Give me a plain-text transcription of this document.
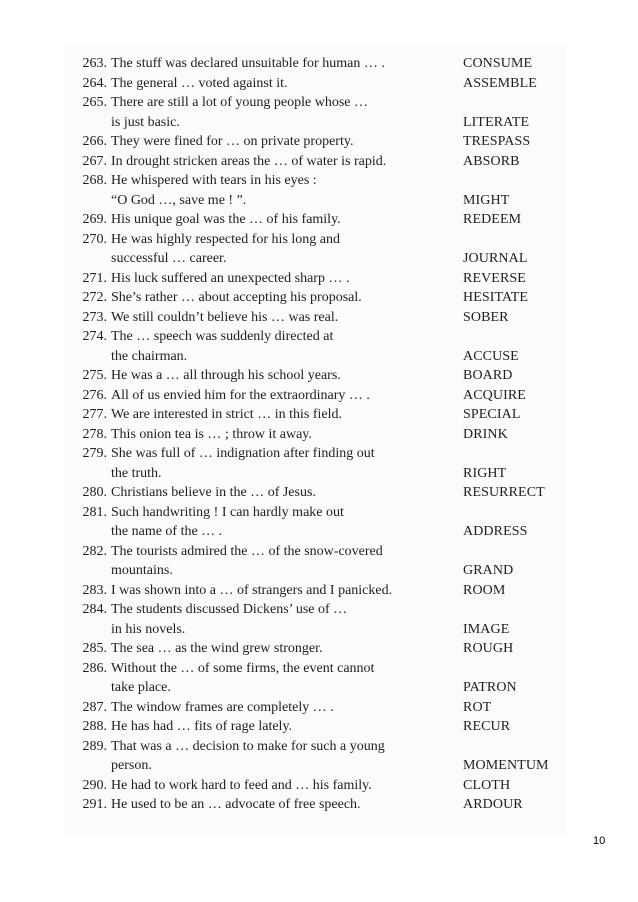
263. The stuff was declared unsuitable for human … .	CONSUME
264. The general … voted against it.	ASSEMBLE
265. There are still a lot of young people whose …
is just basic.	LITERATE
266. They were fined for … on private property.	TRESPASS
267. In drought stricken areas the … of water is rapid.	ABSORB
268. He whispered with tears in his eyes :
“O God …, save me ! ”.	MIGHT
269. His unique goal was the … of his family.	REDEEM
270. He was highly respected for his long and
successful … career.	JOURNAL
271. His luck suffered an unexpected sharp … .	REVERSE
272. She’s rather … about accepting his proposal.	HESITATE
273. We still couldn’t believe his … was real.	SOBER
274. The … speech was suddenly directed at
the chairman.	ACCUSE
275. He was a … all through his school years.	BOARD
276. All of us envied him for the extraordinary … .	ACQUIRE
277. We are interested in strict … in this field.	SPECIAL
278. This onion tea is … ; throw it away.	DRINK
279. She was full of … indignation after finding out
the truth.	RIGHT
280. Christians believe in the … of Jesus.	RESURRECT
281. Such handwriting ! I can hardly make out
the name of the … .	ADDRESS
282. The tourists admired the … of the snow-covered
mountains.	GRAND
283. I was shown into a … of strangers and I panicked.	ROOM
284. The students discussed Dickens’ use of …
in his novels.	IMAGE
285. The sea … as the wind grew stronger.	ROUGH
286. Without the … of some firms, the event cannot
take place.	PATRON
287. The window frames are completely … .	ROT
288. He has had … fits of rage lately.	RECUR
289. That was a … decision to make for such a young
person.	MOMENTUM
290. He had to work hard to feed and … his family.	CLOTH
291. He used to be an … advocate of free speech.	ARDOUR
10
